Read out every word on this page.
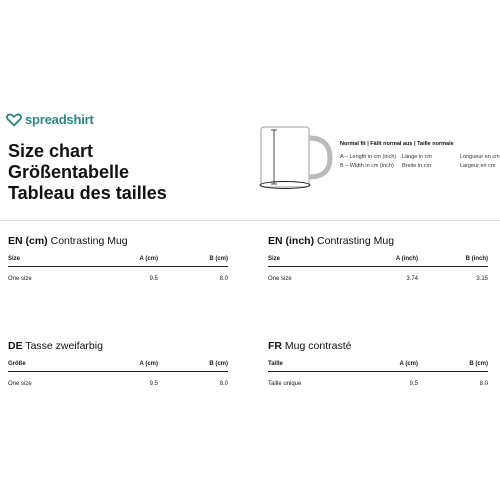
spreadshirt
Size chart
Größentabelle
Tableau des tailles
Normal fit | Fällt normal aus | Taille normale
A – Length in cm (inch)	Länge in cm	Longueur en cm
B – Width in cm (inch)	Breite in cm	Largeur en cm
EN (cm) Contrasting Mug
Size	A (cm)	B (cm)
One size	9.5	8.0
EN (inch) Contrasting Mug
Size	A (inch)	B (inch)
One size	3.74	3.15
DE Tasse zweifarbig
Größe	A (cm)	B (cm)
One size	9.5	8.0
FR Mug contrasté
Taille	A (cm)	B (cm)
Taille unique	9.5	8.0
